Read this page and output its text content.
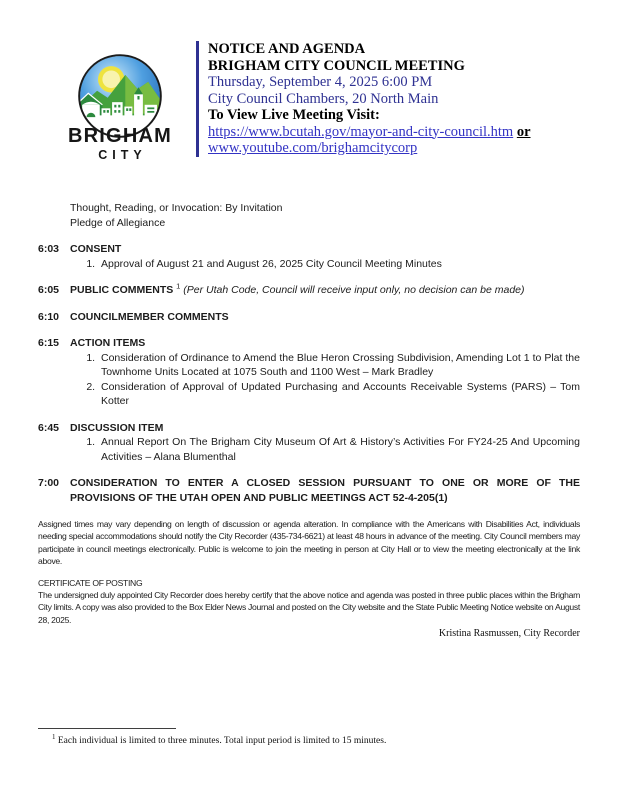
BRIGHAM
CITY
NOTICE AND AGENDA
BRIGHAM CITY COUNCIL MEETING
Thursday, September 4, 2025 6:00 PM
City Council Chambers, 20 North Main
To View Live Meeting Visit:
https://www.bcutah.gov/mayor-and-city-council.htm or
www.youtube.com/brighamcitycorp
Thought, Reading, or Invocation: By Invitation
Pledge of Allegiance
6:03	CONSENT
1. Approval of August 21 and August 26, 2025 City Council Meeting Minutes
6:05	PUBLIC COMMENTS $^1$ (Per Utah Code, Council will receive input only, no decision can be made)
6:10	COUNCILMEMBER COMMENTS
6:15	ACTION ITEMS
1. Consideration of Ordinance to Amend the Blue Heron Crossing Subdivision, Amending Lot 1 to Plat the Townhome Units Located at 1075 South and 1100 West – Mark Bradley
2. Consideration of Approval of Updated Purchasing and Accounts Receivable Systems (PARS) – Tom Kotter
6:45	DISCUSSION ITEM
1. Annual Report On The Brigham City Museum Of Art & History’s Activities For FY24-25 And Upcoming Activities – Alana Blumenthal
7:00	CONSIDERATION TO ENTER A CLOSED SESSION PURSUANT TO ONE OR MORE OF THE PROVISIONS OF THE UTAH OPEN AND PUBLIC MEETINGS ACT 52-4-205(1)
Assigned times may vary depending on length of discussion or agenda alteration. In compliance with the Americans with Disabilities Act, individuals needing special accommodations should notify the City Recorder (435-734-6621) at least 48 hours in advance of the meeting. City Council members may participate in council meetings electronically. Public is welcome to join the meeting in person at City Hall or to view the meeting electronically at the link above.
CERTIFICATE OF POSTING
The undersigned duly appointed City Recorder does hereby certify that the above notice and agenda was posted in three public places within the Brigham City limits. A copy was also provided to the Box Elder News Journal and posted on the City website and the State Public Meeting Notice website on August 28, 2025.
Kristina Rasmussen, City Recorder
$^1$ Each individual is limited to three minutes. Total input period is limited to 15 minutes.
